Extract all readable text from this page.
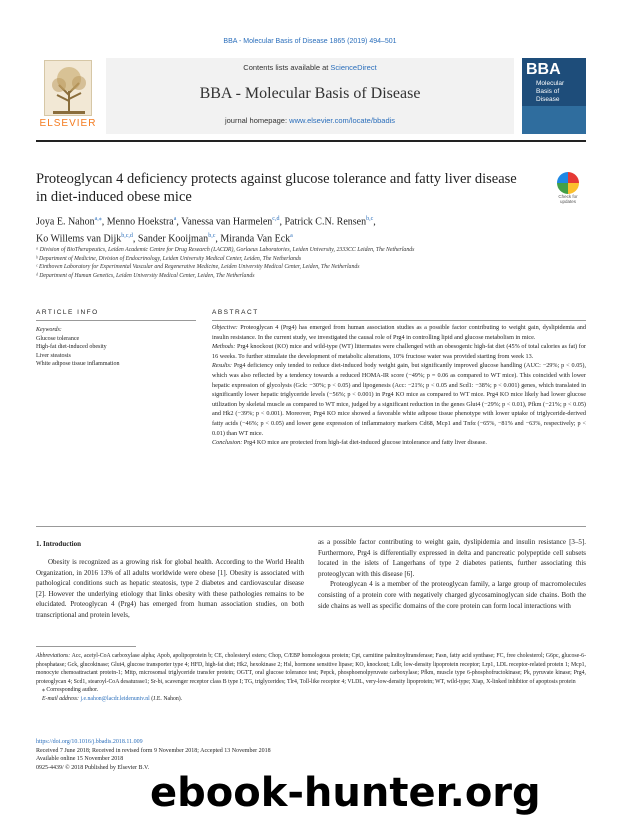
BBA - Molecular Basis of Disease 1865 (2019) 494–501
ELSEVIER
Contents lists available at ScienceDirect
BBA - Molecular Basis of Disease
journal homepage: www.elsevier.com/locate/bbadis
BBA
Molecular
Basis of
Disease
Proteoglycan 4 deficiency protects against glucose tolerance and fatty liver disease in diet-induced obese mice	Check for
updates
Joya E. Nahon$^{a,⁎}$, Menno Hoekstra$^a$, Vanessa van Harmelen$^{c,d}$, Patrick C.N. Rensen$^{b,c}$,
Ko Willems van Dijk$^{b,c,d}$, Sander Kooijman$^{b,c}$, Miranda Van Eck$^a$
ᵃ Division of BioTherapeutics, Leiden Academic Centre for Drug Research (LACDR), Gorlaeus Laboratories, Leiden University, 2333CC Leiden, The Netherlands
ᵇ Department of Medicine, Division of Endocrinology, Leiden University Medical Center, Leiden, The Netherlands
ᶜ Einthoven Laboratory for Experimental Vascular and Regenerative Medicine, Leiden University Medical Center, Leiden, The Netherlands
ᵈ Department of Human Genetics, Leiden University Medical Center, Leiden, The Netherlands
ARTICLE INFO	ABSTRACT
Keywords:
Glucose tolerance
High-fat diet-induced obesity
Liver steatosis
White adipose tissue inflammation

Objective: Proteoglycan 4 (Prg4) has emerged from human association studies as a possible factor contributing to weight gain, dyslipidemia and insulin resistance. In the current study, we investigated the causal role of Prg4 in controlling lipid and glucose metabolism in mice.

Methods: Prg4 knockout (KO) mice and wild-type (WT) littermates were challenged with an obesogenic high-fat diet (45% of total calories as fat) for 16 weeks. To further stimulate the development of metabolic alterations, 10% fructose water was provided starting from week 13.

Results: Prg4 deficiency only tended to reduce diet-induced body weight gain, but significantly improved glucose handling (AUC: −29%; p < 0.05), which was also reflected by a tendency towards a reduced HOMA-IR score (−49%; p = 0.06 as compared to WT mice). This coincided with lower hepatic expression of glycolysis (Gck: −30%; p < 0.05) and lipogenesis (Acc: −21%; p < 0.05 and Scd1: −38%; p < 0.001) genes, which translated in significantly lower hepatic triglyceride levels (−56%; p < 0.001) in Prg4 KO mice as compared to WT mice. Prg4 KO mice likely had lower glucose utilization by skeletal muscle as compared to WT mice, judged by a significant reduction in the genes Glut4 (−29%; p < 0.01), Pfkm (−21%; p < 0.05) and Hk2 (−39%; p < 0.001). Moreover, Prg4 KO mice showed a favorable white adipose tissue phenotype with lower uptake of triglyceride-derived fatty acids (−46%; p < 0.05) and lower gene expression of inflammatory markers Cd68, Mcp1 and Tnfα (−65%, −81% and −63%, respectively; p < 0.01) than WT mice.

Conclusion: Prg4 KO mice are protected from high-fat diet-induced glucose intolerance and fatty liver disease.

1. Introduction

Obesity is recognized as a growing risk for global health. According to the World Health Organization, in 2016 13% of all adults worldwide were obese [1]. Obesity is associated with pathological conditions such as hepatic steatosis, type 2 diabetes and cardiovascular disease [2]. However the underlying etiology that links obesity with these pathologies remains to be elucidated. Proteoglycan 4 (Prg4) has emerged from human association studies, on both transcriptional and protein levels,

as a possible factor contributing to weight gain, dyslipidemia and insulin resistance [3–5]. Furthermore, Prg4 is differentially expressed in delta and pancreatic polypeptide cell subsets located in the islets of Langerhans of type 2 diabetes patients, further associating this proteoglycan with this disease [6].

Proteoglycan 4 is a member of the proteoglycan family, a large group of macromolecules consisting of a protein core with negatively charged glycosaminoglycan side chains. Both the side chains as well as specific domains of the core protein can form local interactions with

Abbreviations: Acc, acetyl-CoA carboxylase alpha; Apob, apolipoprotein b; CE, cholesteryl esters; Chop, C/EBP homologous protein; Cpt, carnitine palmitoyltransferase; Fasn, fatty acid synthase; FC, free cholesterol; G6pc, glucose-6-phosphatase; Gck, glucokinase; Glut4, glucose transporter type 4; HFD, high-fat diet; Hk2, hexokinase 2; Hsl, hormone sensitive lipase; KO, knockout; Ldlr, low-density lipoprotein receptor; Lrp1, LDL receptor-related protein 1; Mcp1, monocyte chemoattractant protein-1; Mttp, microsomal triglyceride transfer protein; OGTT, oral glucose tolerance test; Pepck, phosphoenolpyruvate carboxylase; Pfkm, muscle type 6-phosphofructokinase; Pk, pyruvate kinase; Prg4, proteoglycan 4; Scd1, stearoyl-CoA desaturase1; Sr-bi, scavenger receptor class B type I; TG, triglycerides; Tlr4, Toll-like receptor 4; VLDL, very-low-density lipoprotein; WT, wild-type; Xiap, X-linked inhibitor of apoptosis protein
⁎ Corresponding author.
E-mail address: j.e.nahon@lacdr.leidenuniv.nl (J.E. Nahon).
https://doi.org/10.1016/j.bbadis.2018.11.009
Received 7 June 2018; Received in revised form 9 November 2018; Accepted 13 November 2018
Available online 15 November 2018
0925-4439/ © 2018 Published by Elsevier B.V.
ebook-hunter.org
